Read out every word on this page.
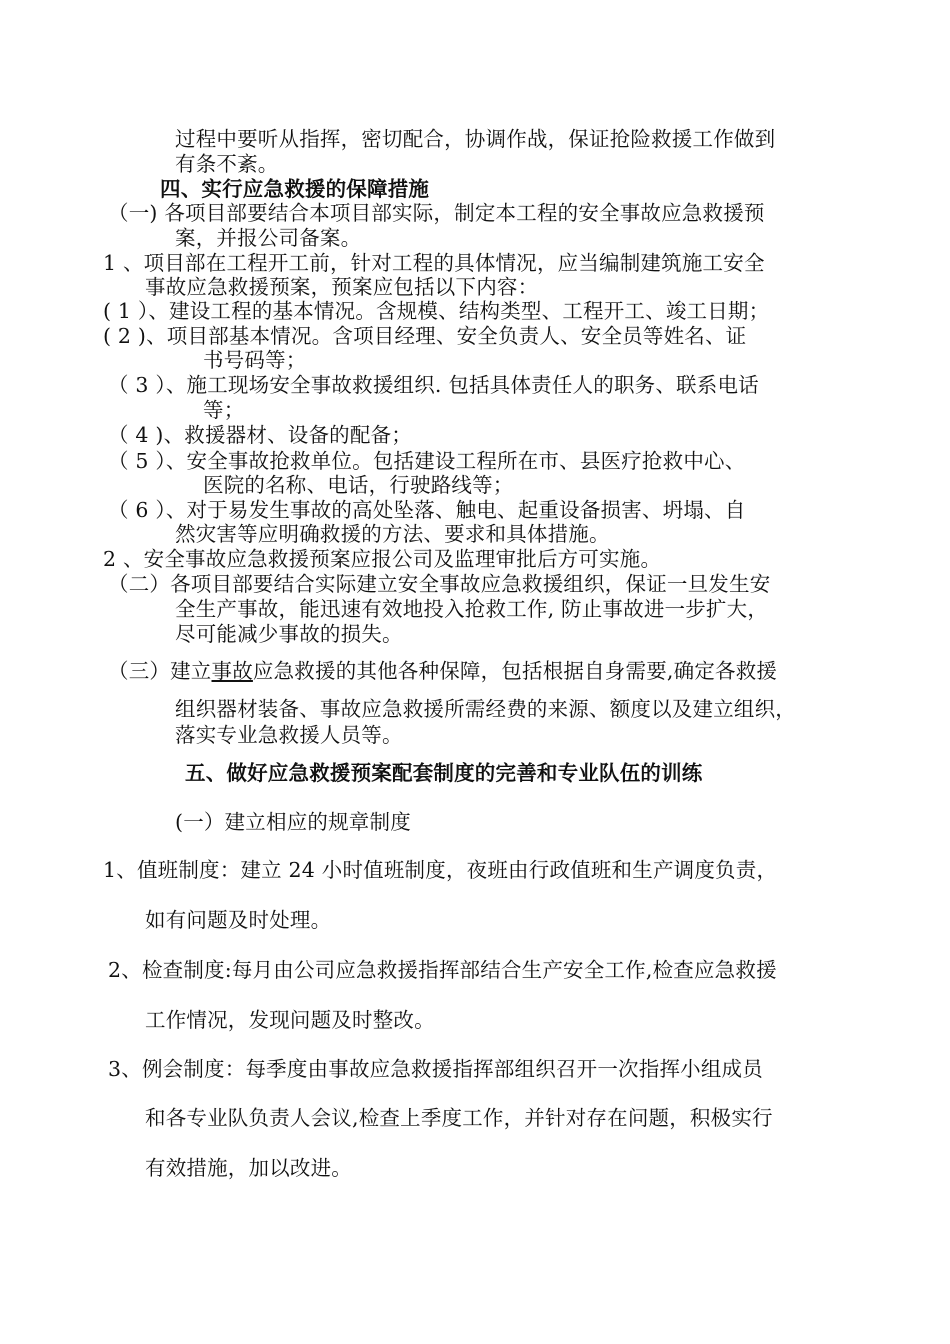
过程中要听从指挥，密切配合，协调作战，保证抢险救援工作做到
有条不紊。
四、实行应急救援的保障措施
（一) 各项目部要结合本项目部实际，制定本工程的安全事故应急救援预
案，并报公司备案。
1 、项目部在工程开工前，针对工程的具体情况，应当编制建筑施工安全
事故应急救援预案，预案应包括以下内容：
( 1 ）、建设工程的基本情况。含规模、结构类型、工程开工、竣工日期；
( 2 )、项目部基本情况。含项目经理、安全负责人、安全员等姓名、证
书号码等；
（ 3 ）、施工现场安全事故救援组织. 包括具体责任人的职务、联系电话
等；
（ 4 )、救援器材、设备的配备；
（ 5 ）、安全事故抢救单位。包括建设工程所在市、县医疗抢救中心、
医院的名称、电话，行驶路线等；
（ 6 ）、对于易发生事故的高处坠落、触电、起重设备损害、坍塌、自
然灾害等应明确救援的方法、要求和具体措施。
2 、安全事故应急救援预案应报公司及监理审批后方可实施。
（二）各项目部要结合实际建立安全事故应急救援组织，保证一旦发生安
全生产事故，能迅速有效地投入抢救工作, 防止事故进一步扩大，
尽可能减少事故的损失。
（三）建立事故应急救援的其他各种保障，包括根据自身需要,确定各救援
组织器材装备、事故应急救援所需经费的来源、额度以及建立组织，
落实专业急救援人员等。
五、做好应急救援预案配套制度的完善和专业队伍的训练
(一）建立相应的规章制度
1、值班制度：建立 24 小时值班制度，夜班由行政值班和生产调度负责，
如有问题及时处理。
2、检查制度:每月由公司应急救援指挥部结合生产安全工作,检查应急救援
工作情况，发现问题及时整改。
3、例会制度：每季度由事故应急救援指挥部组织召开一次指挥小组成员
和各专业队负责人会议,检查上季度工作，并针对存在问题，积极实行
有效措施，加以改进。
